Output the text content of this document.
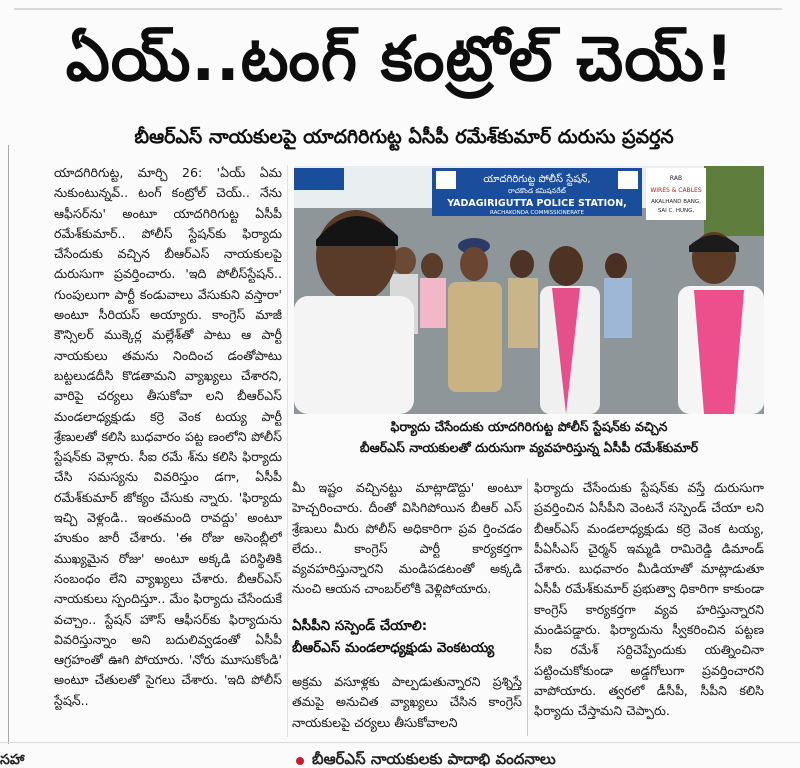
ఏయ్..టంగ్ కంట్రోల్ చెయ్!
బీఆర్ఎస్ నాయకులపై యాదగిరిగుట్ట ఏసీపీ రమేశ్‌కుమార్ దురుసు ప్రవర్తన

యాదగిరిగుట్ట, మార్చి 26: 'ఏయ్ ఏమ నుకుంటున్నవ్.. టంగ్ కంట్రోల్ చెయ్.. నేను ఆఫీసర్‌ను' అంటూ యాదగిరిగుట్ట ఏసీపీ రమేశ్‌కుమార్.. పోలీస్ స్టేషన్‌కు ఫిర్యాదు చేసేందుకు వచ్చిన బీఆర్ఎస్ నాయకులపై దురుసుగా ప్రవర్తించారు. 'ఇది పోలీస్‌స్టేషన్.. గుంపులుగా పార్టీ కండువాలు వేసుకుని వస్తారా' అంటూ సీరియస్ అయ్యారు. కాంగ్రెస్ మాజీ కౌన్సిలర్ ముక్కెర్ల మల్లేశ్‌తో పాటు ఆ పార్టీ నాయకులు తమను నిందించ డంతోపాటు బట్టలుడదీసి కొడతామని వ్యాఖ్యలు చేశారని, వారిపై చర్యలు తీసుకోవా లని బీఆర్ఎస్ మండలాధ్యక్షుడు కర్రె వెంక టయ్య పార్టీ శ్రేణులతో కలిసి బుధవారం పట్ట ణంలోని పోలీస్ స్టేషన్‌కు వెళ్లారు. సీఐ రమే శ్‌ను కలిసి ఫిర్యాదు చేసి సమస్యను వివరిస్తుం డగా, ఏసీపీ రమేశ్‌కుమార్ జోక్యం చేసుకు న్నారు. 'ఫిర్యాదు ఇచ్చి వెళ్లండి.. ఇంతమంది రావద్దు' అంటూ హుకుం జారీ చేశారు. 'ఈ రోజు అసెంబ్లీలో ముఖ్యమైన రోజు' అంటూ అక్కడి పరిస్థితికి సంబంధం లేని వ్యాఖ్యలు చేశారు. బీఆర్ఎస్ నాయకులు స్పందిస్తూ.. మేం ఫిర్యాదు చేసేందుకే వచ్చాం.. స్టేషన్ హౌస్ ఆఫీసర్‌కు ఫిర్యాదును వివరిస్తున్నాం అని బదులివ్వడంతో ఏసీపీ ఆగ్రహంతో ఊగి పోయారు. 'నోరు మూసుకోండి' అంటూ చేతులతో సైగలు చేశారు. 'ఇది పోలీస్ స్టేషన్..

యాదగిరిగుట్ట పోలీస్ స్టేషన్,
రాచకొండ కమిషనరేట్
YADAGIRIGUTTA POLICE STATION,
RACHAKONDA COMMISSIONERATE
RAB
WIRES & CABLES
AKALHAND BANG,
SAI C. HUNG,
ఫిర్యాదు చేసేందుకు యాదగిరిగుట్ట పోలీస్ స్టేషన్‌కు వచ్చిన
బీఆర్ఎస్ నాయకులతో దురుసుగా వ్యవహరిస్తున్న ఏసీపీ రమేశ్‌కుమార్

మీ ఇష్టం వచ్చినట్టు మాట్లాడొద్దు' అంటూ హెచ్చరించారు. దీంతో విసిగిపోయిన బీఆర్ ఎస్ శ్రేణులు మీరు పోలీస్ అధికారిగా ప్రవ ర్తించడం లేదు.. కాంగ్రెస్ పార్టీ కార్యకర్తగా వ్యవహరిస్తున్నారని మండిపడటంతో అక్కడి నుంచి ఆయన చాంబర్‌లోకి వెళ్లిపోయారు.

ఏసీపీని సస్పెండ్ చేయాలి:
బీఆర్ఎస్ మండలాధ్యక్షుడు వెంకటయ్య

అక్రమ వసూళ్లకు పాల్పడుతున్నారని ప్రశ్నిస్తే తమపై అనుచిత వ్యాఖ్యలు చేసిన కాంగ్రెస్ నాయకులపై చర్యలు తీసుకోవాలని

ఫిర్యాదు చేసేందుకు స్టేషన్‌కు వస్తే దురుసుగా ప్రవర్తించిన ఏసీపీని వెంటనే సస్పెండ్ చేయా లని బీఆర్ఎస్ మండలాధ్యక్షుడు కర్రె వెంక టయ్య, పీఏసీఎస్ చైర్మన్ ఇమ్మడి రామిరెడ్డి డిమాండ్ చేశారు. బుధవారం మీడియాతో మాట్లాడుతూ ఏసీపీ రమేశ్‌కుమార్ ప్రభుత్వా ధికారిగా కాకుండా కాంగ్రెస్ కార్యకర్తగా వ్యవ హరిస్తున్నారని మండిపడ్డారు. ఫిర్యాదును స్వీకరించిన పట్టణ సీఐ రమేశ్ సర్దిచెప్పేందుకు యత్నించినా పట్టించుకోకుండా అడ్డగోలుగా ప్రవర్తించారని వాపోయారు. త్వరలో డీసీపీ, సీపీని కలిసి ఫిర్యాదు చేస్తామని చెప్పారు.

సహా	బీఆర్ఎస్ నాయకులకు పాదాభి వందనాలు
